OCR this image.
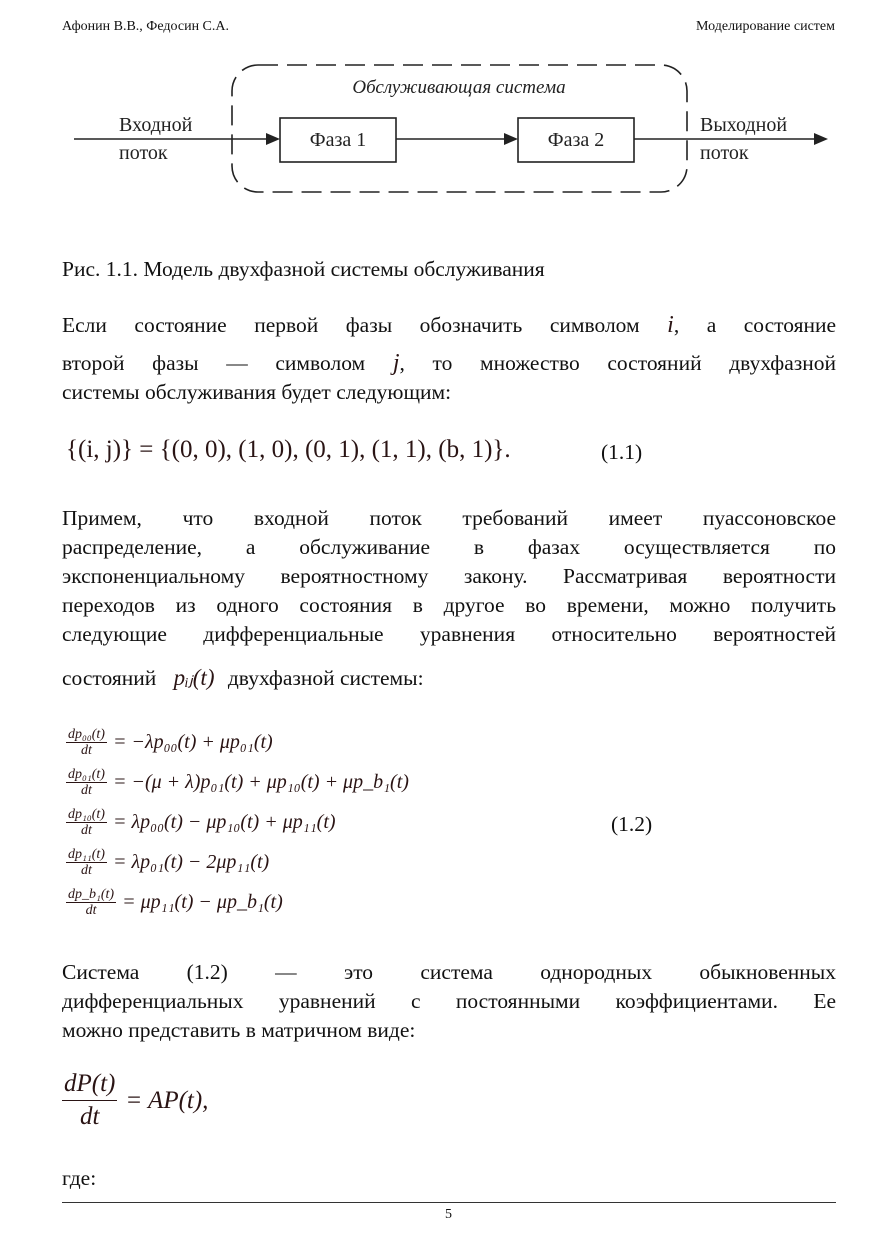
Афонин В.В., Федосин С.А.	Моделирование систем
Обслуживающая система
Входной
поток
Фаза 1	Фаза 2
Выходной
поток
Рис. 1.1. Модель двухфазной системы обслуживания
Если состояние первой фазы обозначить символом i, а состояние
второй фазы — символом j, то множество состояний двухфазной
системы обслуживания будет следующим:
{(i, j)} = {(0, 0), (1, 0), (0, 1), (1, 1), (b, 1)}.	(1.1)
Примем, что входной поток требований имеет пуассоновское
распределение, а обслуживание в фазах осуществляется по
экспоненциальному вероятностному закону. Рассматривая вероятности
переходов из одного состояния в другое во времени, можно получить
следующие дифференциальные уравнения относительно вероятностей
состояний pᵢⱼ(t) двухфазной системы:
$\frac{\text{dp₀₀(t)}}{dt} = -\lambda p_{00}(t) + \mu p_{01}(t)$
$\frac{\text{dp₀₁(t)}}{dt} = -(\mu + \lambda)p_{01}(t) + \mu p_{10}(t)$ + μp_b₁(t)
$\frac{\text{dp₁₀(t)}}{dt} = \lambda p_{00}(t) - \mu p_{10}(t) + \mu p_{11}(t)$
$\frac{\text{dp₁₁(t)}}{dt} = \lambda p_{01}(t) - 2\mu p_{11}(t)$
$\frac{\text{dp\_b₁(t)}}{dt} = \mu p_{11}(t)$ − μp_b₁(t)
(1.2)
Система (1.2) — это система однородных обыкновенных
дифференциальных уравнений с постоянными коэффициентами. Ее
можно представить в матричном виде:
$\frac{dP(t)}{dt} = AP(t)$,
где:
5
